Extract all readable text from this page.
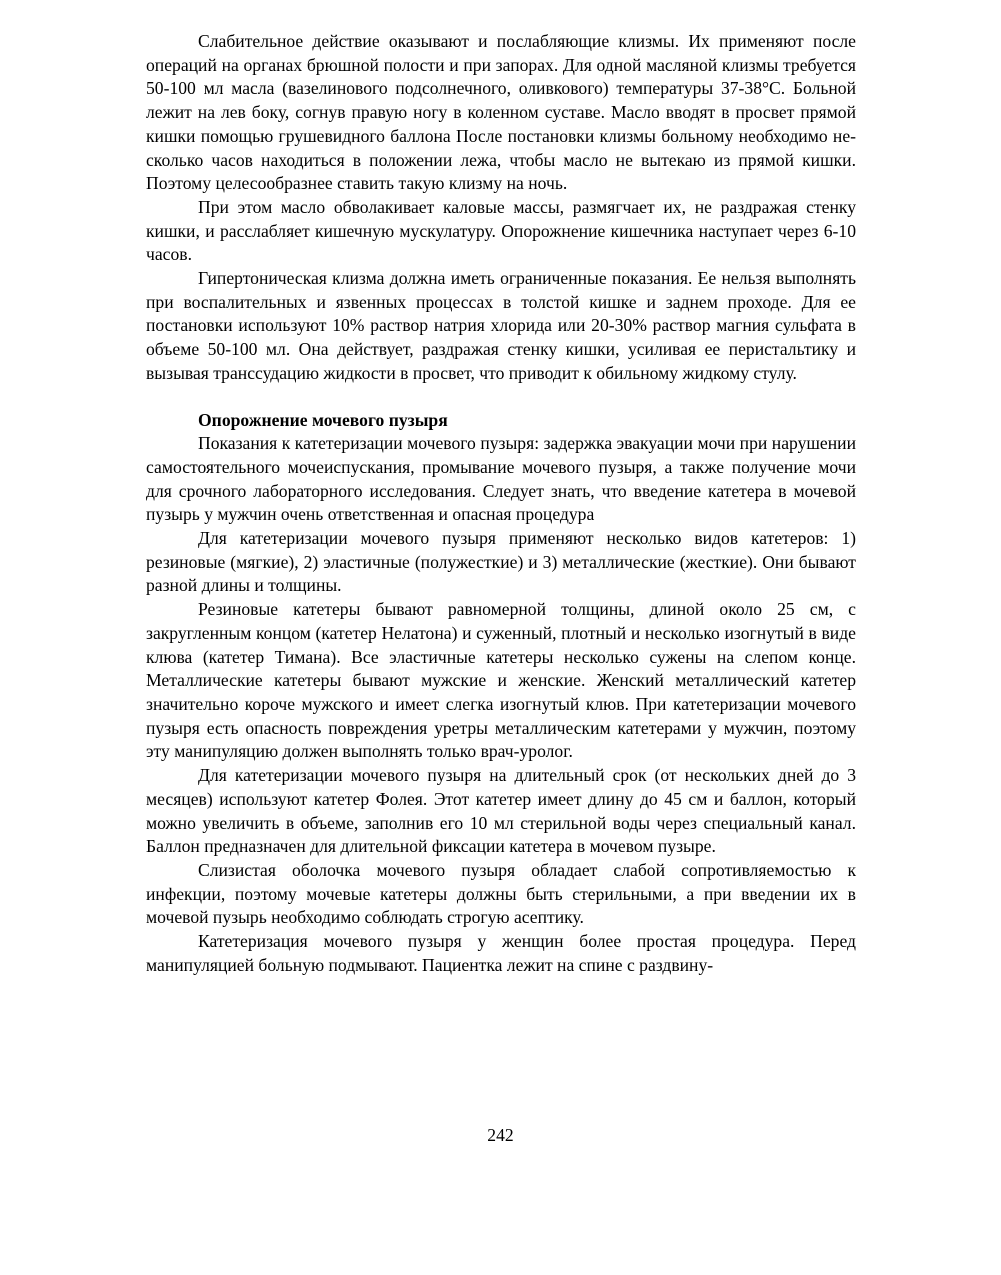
Слабительное действие оказывают и послабляющие клизмы. Их применяют после операций на органах брюшной полости и при запорах. Для одной масляной клизмы требуется 50-100 мл масла (вазелинового подсолнечного, оливкового) температуры 37-38°С. Больной лежит на лев боку, согнув правую ногу в коленном суставе. Масло вводят в просвет прямой кишки помощью грушевидного баллона После постановки клизмы больному необходимо несколько часов находиться в положении лежа, чтобы масло не вытекаю из прямой кишки. Поэтому целесообразнее ставить такую клизму на ночь.

При этом масло обволакивает каловые массы, размягчает их, не раздражая стенку кишки, и расслабляет кишечную мускулатуру. Опорожнение кишечника наступает через 6-10 часов.

Гипертоническая клизма должна иметь ограниченные показания. Ее нельзя выполнять при воспалительных и язвенных процессах в толстой кишке и заднем проходе. Для ее постановки используют 10% раствор натрия хлорида или 20-30% раствор магния сульфата в объеме 50-100 мл. Она действует, раздражая стенку кишки, усиливая ее перистальтику и вызывая транссудацию жидкости в просвет, что приводит к обильному жидкому стулу.

Опорожнение мочевого пузыря

Показания к катетеризации мочевого пузыря: задержка эвакуации мочи при нарушении самостоятельного мочеиспускания, промывание мочевого пузыря, а также получение мочи для срочного лабораторного исследования. Следует знать, что введение катетера в мочевой пузырь у мужчин очень ответственная и опасная процедура

Для катетеризации мочевого пузыря применяют несколько видов катетеров: 1) резиновые (мягкие), 2) эластичные (полужесткие) и 3) металлические (жесткие). Они бывают разной длины и толщины.

Резиновые катетеры бывают равномерной толщины, длиной около 25 см, с закругленным концом (катетер Нелатона) и суженный, плотный и несколько изогнутый в виде клюва (катетер Тимана). Все эластичные катетеры несколько сужены на слепом конце. Металлические катетеры бывают мужские и женские. Женский металлический катетер значительно короче мужского и имеет слегка изогнутый клюв. При катетеризации мочевого пузыря есть опасность повреждения уретры металлическим катетерами у мужчин, поэтому эту манипуляцию должен выполнять только врач-уролог.

Для катетеризации мочевого пузыря на длительный срок (от нескольких дней до 3 месяцев) используют катетер Фолея. Этот катетер имеет длину до 45 см и баллон, который можно увеличить в объеме, заполнив его 10 мл стерильной воды через специальный канал. Баллон предназначен для длительной фиксации катетера в мочевом пузыре.

Слизистая оболочка мочевого пузыря обладает слабой сопротивляемостью к инфекции, поэтому мочевые катетеры должны быть стерильными, а при введении их в мочевой пузырь необходимо соблюдать строгую асептику.

Катетеризация мочевого пузыря у женщин более простая процедура. Перед манипуляцией больную подмывают. Пациентка лежит на спине с раздвину-

242
